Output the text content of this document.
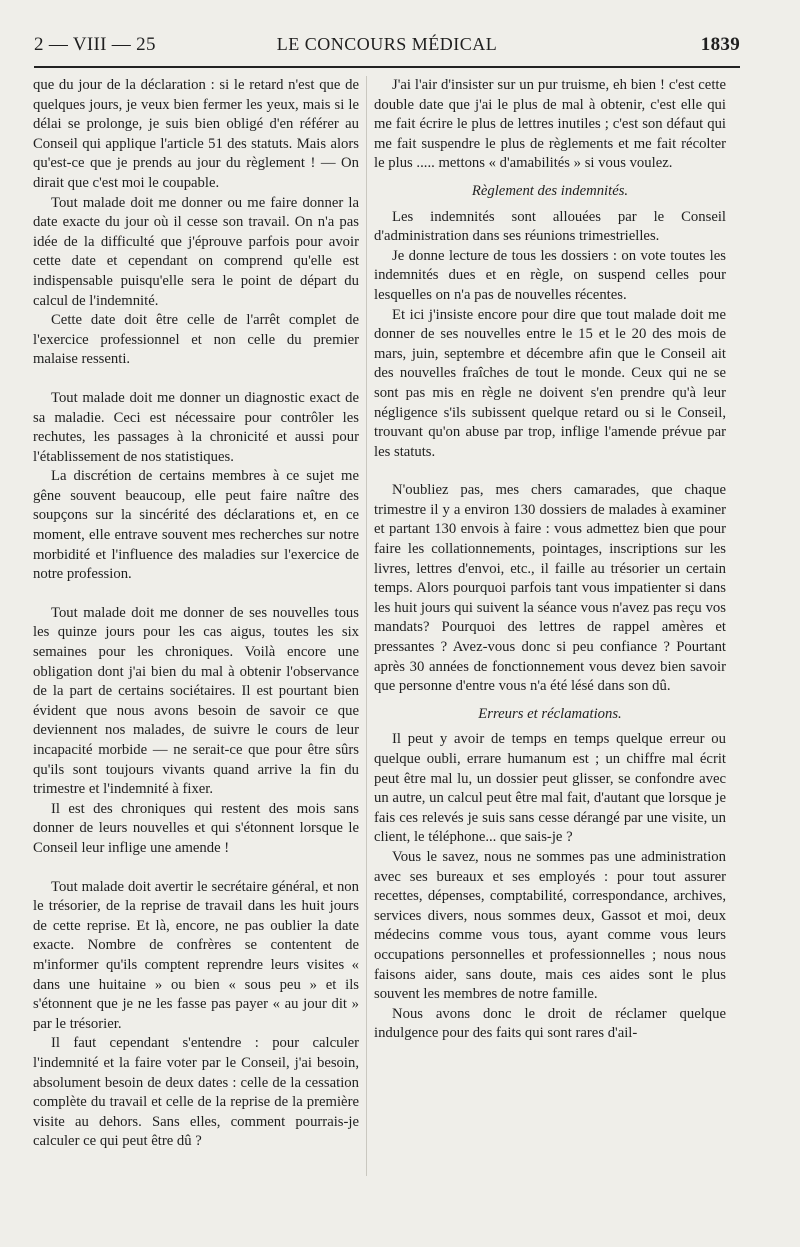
2 — VIII — 25	LE CONCOURS MÉDICAL	1839

que du jour de la déclaration : si le retard n'est que de quelques jours, je veux bien fermer les yeux, mais si le délai se prolonge, je suis bien obligé d'en référer au Conseil qui applique l'article 51 des statuts. Mais alors qu'est-ce que je prends au jour du règlement ! — On dirait que c'est moi le coupable.

Tout malade doit me donner ou me faire donner la date exacte du jour où il cesse son travail. On n'a pas idée de la difficulté que j'éprouve parfois pour avoir cette date et cependant on comprend qu'elle est indispensable puisqu'elle sera le point de départ du calcul de l'indemnité.

Cette date doit être celle de l'arrêt complet de l'exercice professionnel et non celle du premier malaise ressenti.

Tout malade doit me donner un diagnostic exact de sa maladie. Ceci est nécessaire pour contrôler les rechutes, les passages à la chronicité et aussi pour l'établissement de nos statistiques.

La discrétion de certains membres à ce sujet me gêne souvent beaucoup, elle peut faire naître des soupçons sur la sincérité des déclarations et, en ce moment, elle entrave souvent mes recherches sur notre morbidité et l'influence des maladies sur l'exercice de notre profession.

Tout malade doit me donner de ses nouvelles tous les quinze jours pour les cas aigus, toutes les six semaines pour les chroniques. Voilà encore une obligation dont j'ai bien du mal à obtenir l'observance de la part de certains sociétaires. Il est pourtant bien évident que nous avons besoin de savoir ce que deviennent nos malades, de suivre le cours de leur incapacité morbide — ne serait-ce que pour être sûrs qu'ils sont toujours vivants quand arrive la fin du trimestre et l'indemnité à fixer.

Il est des chroniques qui restent des mois sans donner de leurs nouvelles et qui s'étonnent lorsque le Conseil leur inflige une amende !

Tout malade doit avertir le secrétaire général, et non le trésorier, de la reprise de travail dans les huit jours de cette reprise. Et là, encore, ne pas oublier la date exacte. Nombre de confrères se contentent de m'informer qu'ils comptent reprendre leurs visites « dans une huitaine » ou bien « sous peu » et ils s'étonnent que je ne les fasse pas payer « au jour dit » par le trésorier.

Il faut cependant s'entendre : pour calculer l'indemnité et la faire voter par le Conseil, j'ai besoin, absolument besoin de deux dates : celle de la cessation complète du travail et celle de la reprise de la première visite au dehors. Sans elles, comment pourrais-je calculer ce qui peut être dû ?

J'ai l'air d'insister sur un pur truisme, eh bien ! c'est cette double date que j'ai le plus de mal à obtenir, c'est elle qui me fait écrire le plus de lettres inutiles ; c'est son défaut qui me fait suspendre le plus de règlements et me fait récolter le plus ..... mettons « d'amabilités » si vous voulez.

Règlement des indemnités.

Les indemnités sont allouées par le Conseil d'administration dans ses réunions trimestrielles.

Je donne lecture de tous les dossiers : on vote toutes les indemnités dues et en règle, on suspend celles pour lesquelles on n'a pas de nouvelles récentes.

Et ici j'insiste encore pour dire que tout malade doit me donner de ses nouvelles entre le 15 et le 20 des mois de mars, juin, septembre et décembre afin que le Conseil ait des nouvelles fraîches de tout le monde. Ceux qui ne se sont pas mis en règle ne doivent s'en prendre qu'à leur négligence s'ils subissent quelque retard ou si le Conseil, trouvant qu'on abuse par trop, inflige l'amende prévue par les statuts.

N'oubliez pas, mes chers camarades, que chaque trimestre il y a environ 130 dossiers de malades à examiner et partant 130 envois à faire : vous admettez bien que pour faire les collationnements, pointages, inscriptions sur les livres, lettres d'envoi, etc., il faille au trésorier un certain temps. Alors pourquoi parfois tant vous impatienter si dans les huit jours qui suivent la séance vous n'avez pas reçu vos mandats? Pourquoi des lettres de rappel amères et pressantes ? Avez-vous donc si peu confiance ? Pourtant après 30 années de fonctionnement vous devez bien savoir que personne d'entre vous n'a été lésé dans son dû.

Erreurs et réclamations.

Il peut y avoir de temps en temps quelque erreur ou quelque oubli, errare humanum est ; un chiffre mal écrit peut être mal lu, un dossier peut glisser, se confondre avec un autre, un calcul peut être mal fait, d'autant que lorsque je fais ces relevés je suis sans cesse dérangé par une visite, un client, le téléphone... que sais-je ?

Vous le savez, nous ne sommes pas une administration avec ses bureaux et ses employés : pour tout assurer recettes, dépenses, comptabilité, correspondance, archives, services divers, nous sommes deux, Gassot et moi, deux médecins comme vous tous, ayant comme vous leurs occupations personnelles et professionnelles ; nous nous faisons aider, sans doute, mais ces aides sont le plus souvent les membres de notre famille.

Nous avons donc le droit de réclamer quelque indulgence pour des faits qui sont rares d'ail-
